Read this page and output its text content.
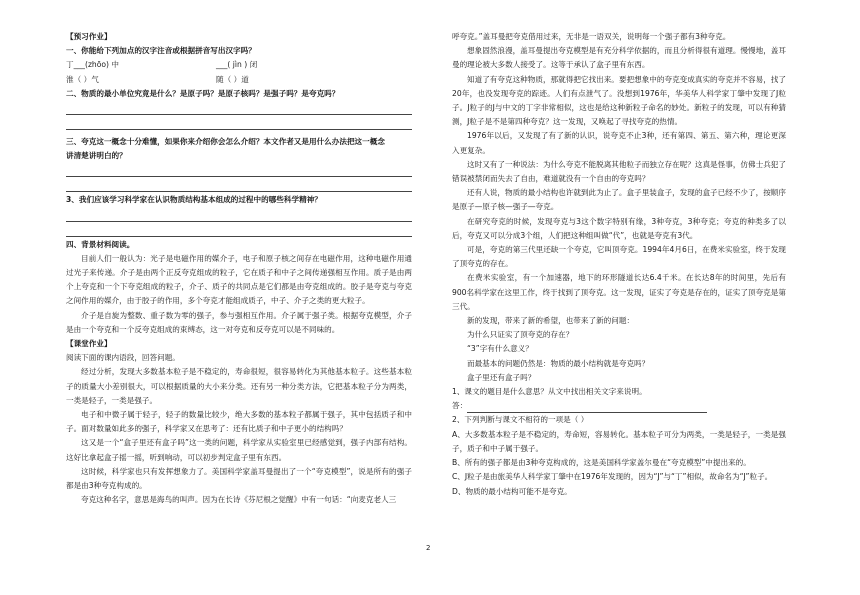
【预习作业】
一、你能给下列加点的汉字注音或根据拼音写出汉字吗？
丁___(zhōo) 中	___( jìn ) 闭
淮（ ）气	随（ ）道
二、物质的最小单位究竟是什么？是原子吗？是原子核吗？是强子吗？是夸克吗？
三、夸克这一概念十分难懂，如果你来介绍你会怎么介绍？本文作者又是用什么办法把这一概念
讲清楚讲明白的？
3、我们应该学习科学家在认识物质结构基本组成的过程中的哪些科学精神？
四、背景材料阅读。
目前人们一般认为：光子是电磁作用的媒介子，电子和原子核之间存在电磁作用，这种电磁作用通过光子来传递。介子是由两个正反夸克组成的粒子，它在质子和中子之间传递强相互作用。质子是由两个上夸克和一个下夸克组成的粒子，介子、质子的共同点是它们都是由夸克组成的。胶子是夸克与夸克之间作用的媒介，由于胶子的作用，多个夸克才能组成质子，中子、介子之类的更大粒子。
介子是自旋为整数、重子数为零的强子，参与强相互作用。介子属于强子类。根据夸克模型，介子是由一个夸克和一个反夸克组成的束缚态，这一对夸克和反夸克可以是不同味的。
【课堂作业】
阅读下面的课内语段，回答问题。
经过分析，发现大多数基本粒子是不稳定的，寿命很短，很容易转化为其他基本粒子。这些基本粒子的质量大小差别很大，可以根据质量的大小来分类。还有另一种分类方法，它把基本粒子分为两类，一类是轻子，一类是强子。
电子和中微子属于轻子，轻子的数量比较少，绝大多数的基本粒子都属于强子，其中包括质子和中子。面对数量如此多的强子，科学家又在思考了：还有比质子和中子更小的结构吗？
这又是一个“盒子里还有盒子吗”这一类的问题，科学家从实验室里已经感觉到，强子内部有结构。这好比拿起盒子摇一摇，听到响动，可以初步判定盒子里有东西。
这时候，科学家也只有发挥想象力了。美国科学家盖耳曼提出了一个“夸克模型”，说是所有的强子都是由3种夸克构成的。
夸克这种名字，意思是海鸟的叫声。因为在长诗《芬尼根之觉醒》中有一句话：“向麦克老人三
呼夸克。”盖耳曼把夸克借用过来，无非是一语双关，说明每一个强子都有3种夸克。
想象固然浪漫，盖耳曼提出夸克模型是有充分科学依据的，而且分析得很有道理。慢慢地，盖耳曼的理论被大多数人接受了。这等于承认了盒子里有东西。
知道了有夸克这种物质，那就得把它找出来。要把想象中的夸克变成真实的夸克并不容易，找了20年，也没发现夸克的踪迹。人们有点泄气了。没想到1976年，华美华人科学家丁肇中发现了J粒子。J粒子的J与中文的丁字非常相似，这也是给这种新粒子命名的妙处。新粒子的发现，可以有种猜测，J粒子是不是第四种夸克？这一发现，又唤起了寻找夸克的热情。
1976年以后，又发现了有了新的认识，说夸克不止3种，还有第四、第五、第六种，理论更深入更复杂。
这时又有了一种说法：为什么夸克不能脱离其他粒子而独立存在呢？这真是怪事，仿佛士兵犯了错误被禁闭而失去了自由，难道就没有一个自由的夸克吗？
还有人说，物质的最小结构也许就到此为止了。盒子里装盒子，发现的盒子已经不少了，按顺序是原子—原子核—强子—夸克。
在研究夸克的时候，发现夸克与3这个数字特别有缘，3种夸克，3种夸克；夸克的种类多了以后，夸克又可以分成3个组，人们把这种组叫做“代”，也就是夸克有3代。
可是，夸克的第三代里还缺一个夸克，它叫顶夸克。1994年4月6日，在费米实验室，终于发现了顶夸克的存在。
在费米实验室，有一个加速器，地下的环形隧道长达6.4千米。在长达8年的时间里，先后有900名科学家在这里工作，终于找到了顶夸克。这一发现，证实了夸克是存在的，证实了顶夸克是第三代。
新的发现，带来了新的希望，也带来了新的问题：
为什么只证实了顶夸克的存在？
“3”字有什么意义？
而最基本的问题仍然是：物质的最小结构就是夸克吗？
盒子里还有盒子吗？
1、课文的题目是什么意思？从文中找出相关文字来说明。
答：
2、下列判断与课文不相符的一项是（ ）
A、大多数基本粒子是不稳定的，寿命短，容易转化。基本粒子可分为两类，一类是轻子，一类是强子，质子和中子属于强子。
B、所有的强子都是由3种夸克构成的，这是美国科学家盖尔曼在“夸克模型”中提出来的。
C、J粒子是由旅美华人科学家丁肇中在1976年发现的，因为“J”与“丁”相似，故命名为“J”粒子。
D、物质的最小结构可能不是夸克。
2
